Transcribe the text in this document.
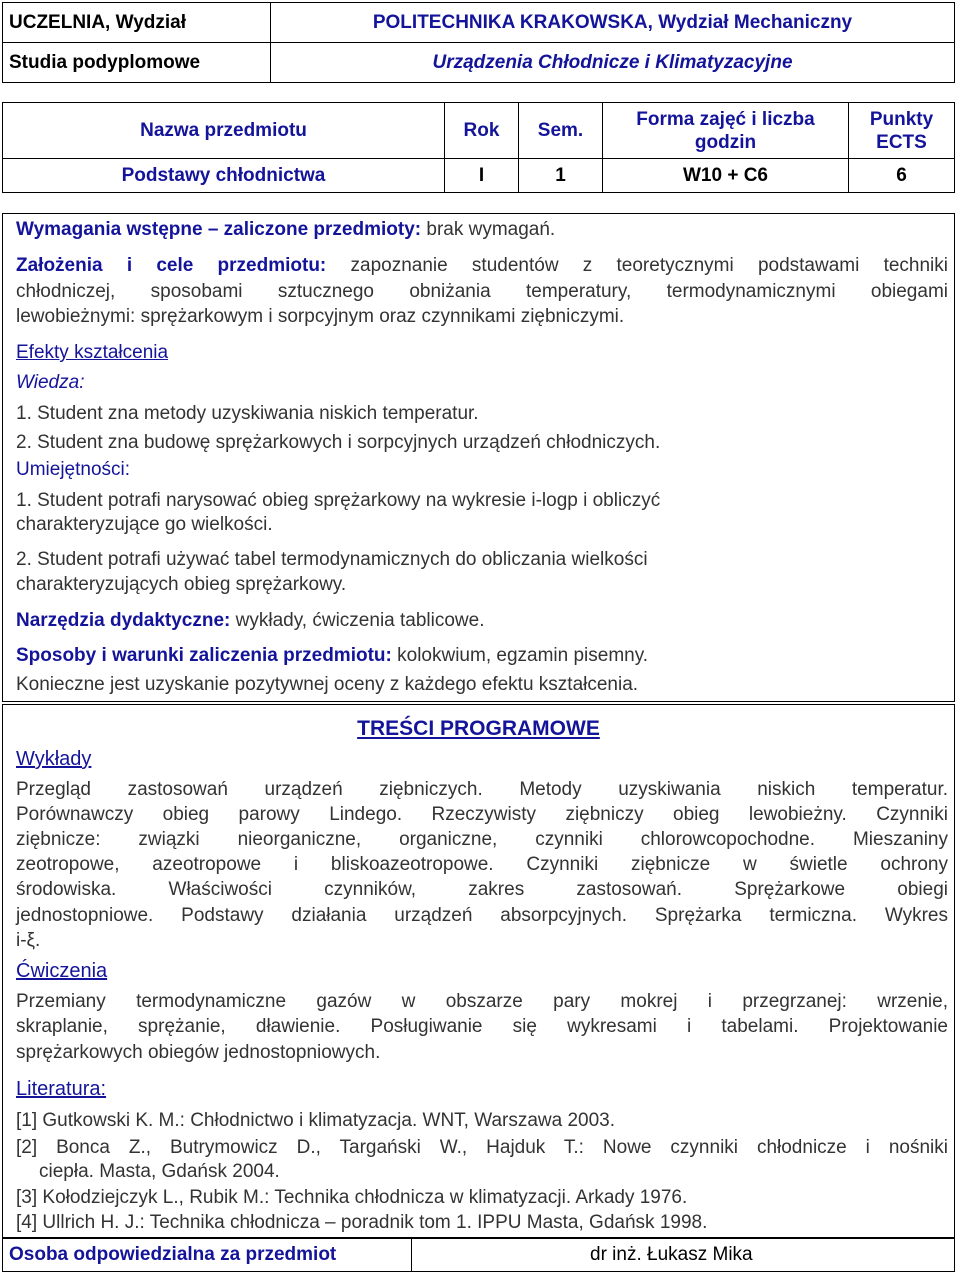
UCZELNIA, Wydział	POLITECHNIKA KRAKOWSKA, Wydział Mechaniczny
Studia podyplomowe	Urządzenia Chłodnicze i Klimatyzacyjne
Nazwa przedmiotu	Rok	Sem.	Forma zajęć i liczba godzin	Punkty ECTS
Podstawy chłodnictwa	I	1	W10 + C6	6
Wymagania wstępne – zaliczone przedmioty: brak wymagań.
Założenia i cele przedmiotu: zapoznanie studentów z teoretycznymi podstawami techniki
chłodniczej, sposobami sztucznego obniżania temperatury, termodynamicznymi obiegami
lewobieżnymi: sprężarkowym i sorpcyjnym oraz czynnikami ziębniczymi.
Efekty kształcenia
Wiedza:
1. Student zna metody uzyskiwania niskich temperatur.
2. Student zna budowę sprężarkowych i sorpcyjnych urządzeń chłodniczych.
Umiejętności:
1. Student potrafi narysować obieg sprężarkowy na wykresie i-logp i obliczyć
charakteryzujące go wielkości.
2. Student potrafi używać tabel termodynamicznych do obliczania wielkości
charakteryzujących obieg sprężarkowy.
Narzędzia dydaktyczne: wykłady, ćwiczenia tablicowe.
Sposoby i warunki zaliczenia przedmiotu: kolokwium, egzamin pisemny.
Konieczne jest uzyskanie pozytywnej oceny z każdego efektu kształcenia.
TREŚCI PROGRAMOWE
Wykłady
Przegląd zastosowań urządzeń ziębniczych. Metody uzyskiwania niskich temperatur.
Porównawczy obieg parowy Lindego. Rzeczywisty ziębniczy obieg lewobieżny. Czynniki
ziębnicze: związki nieorganiczne, organiczne, czynniki chlorowcopochodne. Mieszaniny
zeotropowe, azeotropowe i bliskoazeotropowe. Czynniki ziębnicze w świetle ochrony
środowiska. Właściwości czynników, zakres zastosowań. Sprężarkowe obiegi
jednostopniowe. Podstawy działania urządzeń absorpcyjnych. Sprężarka termiczna. Wykres
i-ξ.
Ćwiczenia
Przemiany termodynamiczne gazów w obszarze pary mokrej i przegrzanej: wrzenie,
skraplanie, sprężanie, dławienie. Posługiwanie się wykresami i tabelami. Projektowanie
sprężarkowych obiegów jednostopniowych.
Literatura:
[1] Gutkowski K. M.: Chłodnictwo i klimatyzacja. WNT, Warszawa 2003.
[2] Bonca Z., Butrymowicz D., Targański W., Hajduk T.: Nowe czynniki chłodnicze i nośniki
ciepła. Masta, Gdańsk 2004.
[3] Kołodziejczyk L., Rubik M.: Technika chłodnicza w klimatyzacji. Arkady 1976.
[4] Ullrich H. J.: Technika chłodnicza – poradnik tom 1. IPPU Masta, Gdańsk 1998.
Osoba odpowiedzialna za przedmiot	dr inż. Łukasz Mika
